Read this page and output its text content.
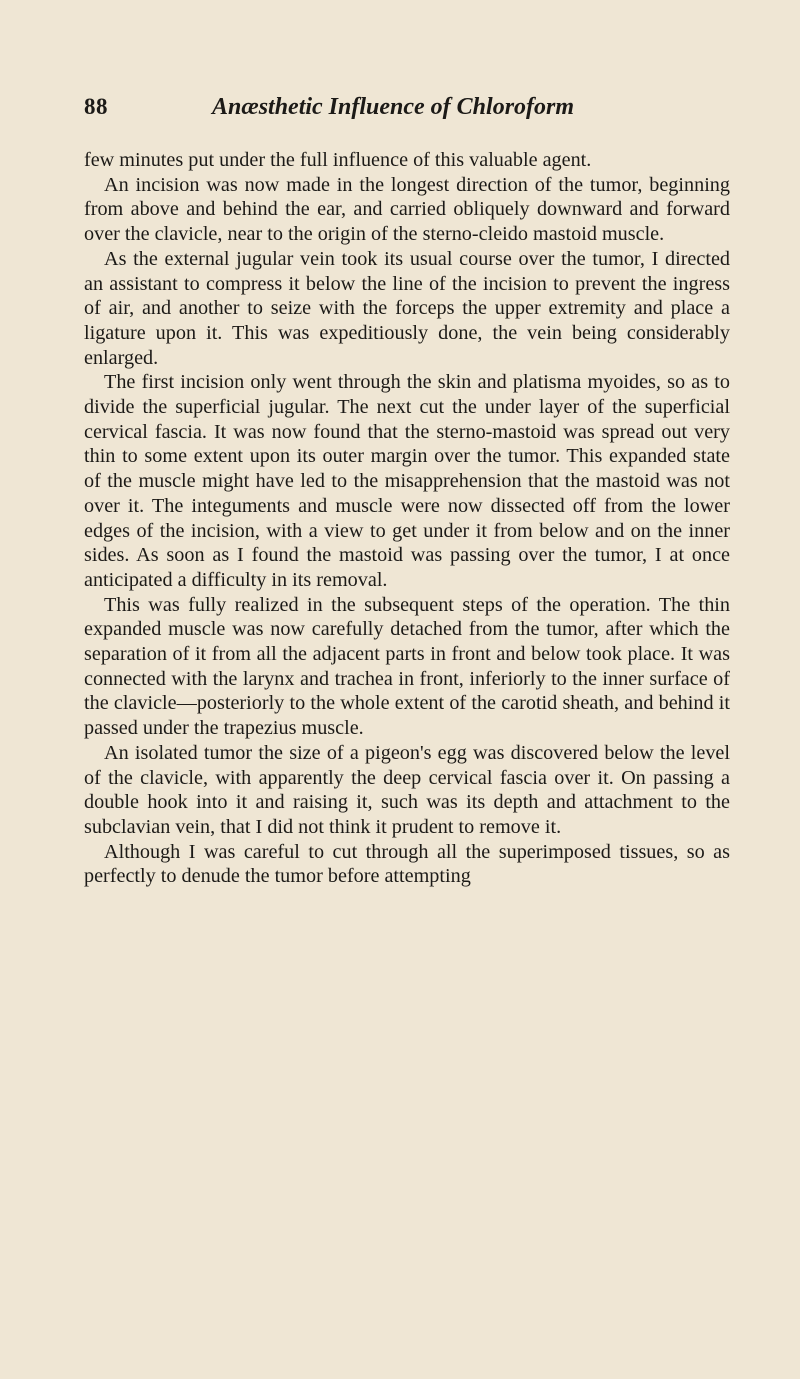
88	Anæsthetic Influence of Chloroform

few minutes put under the full influence of this valuable agent.

An incision was now made in the longest direction of the tumor, beginning from above and behind the ear, and carried obliquely downward and forward over the clavicle, near to the origin of the sterno-cleido mastoid muscle.

As the external jugular vein took its usual course over the tumor, I directed an assistant to compress it below the line of the incision to prevent the ingress of air, and another to seize with the forceps the upper extremity and place a ligature upon it. This was expeditiously done, the vein being considerably enlarged.

The first incision only went through the skin and platisma myoides, so as to divide the superficial jugular. The next cut the under layer of the superficial cervical fascia. It was now found that the sterno-mastoid was spread out very thin to some extent upon its outer margin over the tumor. This expanded state of the muscle might have led to the misapprehension that the mastoid was not over it. The integuments and muscle were now dissected off from the lower edges of the incision, with a view to get under it from below and on the inner sides. As soon as I found the mastoid was passing over the tumor, I at once anticipated a difficulty in its removal.

This was fully realized in the subsequent steps of the operation. The thin expanded muscle was now carefully detached from the tumor, after which the separation of it from all the adjacent parts in front and below took place. It was connected with the larynx and trachea in front, inferiorly to the inner surface of the clavicle—posteriorly to the whole extent of the carotid sheath, and behind it passed under the trapezius muscle.

An isolated tumor the size of a pigeon's egg was discovered below the level of the clavicle, with apparently the deep cervical fascia over it. On passing a double hook into it and raising it, such was its depth and attachment to the subclavian vein, that I did not think it prudent to remove it.

Although I was careful to cut through all the superimposed tissues, so as perfectly to denude the tumor before attempting
